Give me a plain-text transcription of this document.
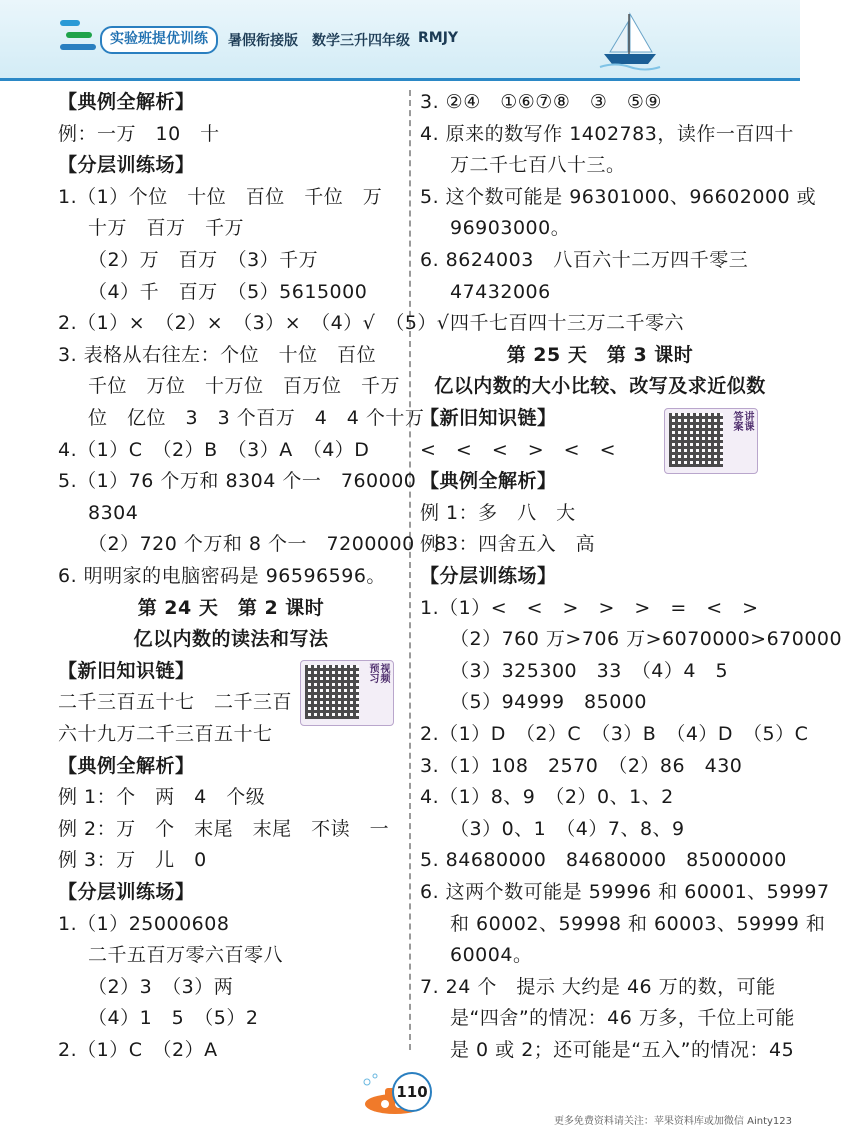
实验班提优训练	暑假衔接版 数学三升四年级 RMJY
【典例全解析】
例：一万　10　十
【分层训练场】
1.（1）个位　十位　百位　千位　万
十万　百万　千万
（2）万　百万　（3）千万
（4）千　百万　（5）5615000
2.（1）×　（2）×　（3）×　（4）√　（5）√
3. 表格从右往左：个位　十位　百位
千位　万位　十万位　百万位　千万
位　亿位　3　3 个百万　4　4 个十万
4.（1）C　（2）B　（3）A　（4）D
5.（1）76 个万和 8304 个一　760000
8304
（2）720 个万和 8 个一　7200000　8
6. 明明家的电脑密码是 96596596。
第 24 天　第 2 课时
亿以内数的读法和写法
【新旧知识链】
二千三百五十七　二千三百
六十九万二千三百五十七
【典例全解析】
例 1：个　两　4　个级
例 2：万　个　末尾　末尾　不读　一
例 3：万　儿　0
【分层训练场】
1.（1）25000608
二千五百万零六百零八
（2）3　（3）两
（4）1　5　（5）2
2.（1）C　（2）A
3. ②④　①⑥⑦⑧　③　⑤⑨
4. 原来的数写作 1402783，读作一百四十
万二千七百八十三。
5. 这个数可能是 96301000、96602000 或
96903000。
6. 8624003　八百六十二万四千零三
47432006
四千七百四十三万二千零六
第 25 天　第 3 课时
亿以内数的大小比较、改写及求近似数
【新旧知识链】
<　<　<　>　<　<
【典例全解析】
例 1：多　八　大
例 3：四舍五入　高
【分层训练场】
1.（1）<　<　>　>　>　=　<　>
（2）760 万>706 万>6070000>670000
（3）325300　33　（4）4　5
（5）94999　85000
2.（1）D　（2）C　（3）B　（4）D　（5）C
3.（1）108　2570　（2）86　430
4.（1）8、9　（2）0、1、2
（3）0、1　（4）7、8、9
5. 84680000　84680000　85000000
6. 这两个数可能是 59996 和 60001、59997
和 60002、59998 和 60003、59999 和
60004。
7. 24 个　提示 大约是 46 万的数，可能
是“四舍”的情况：46 万多，千位上可能
是 0 或 2；还可能是“五入”的情况：45
视频
预习
讲课
答案
110
更多免费资料请关注：苹果资料库或加微信 Ainty123
